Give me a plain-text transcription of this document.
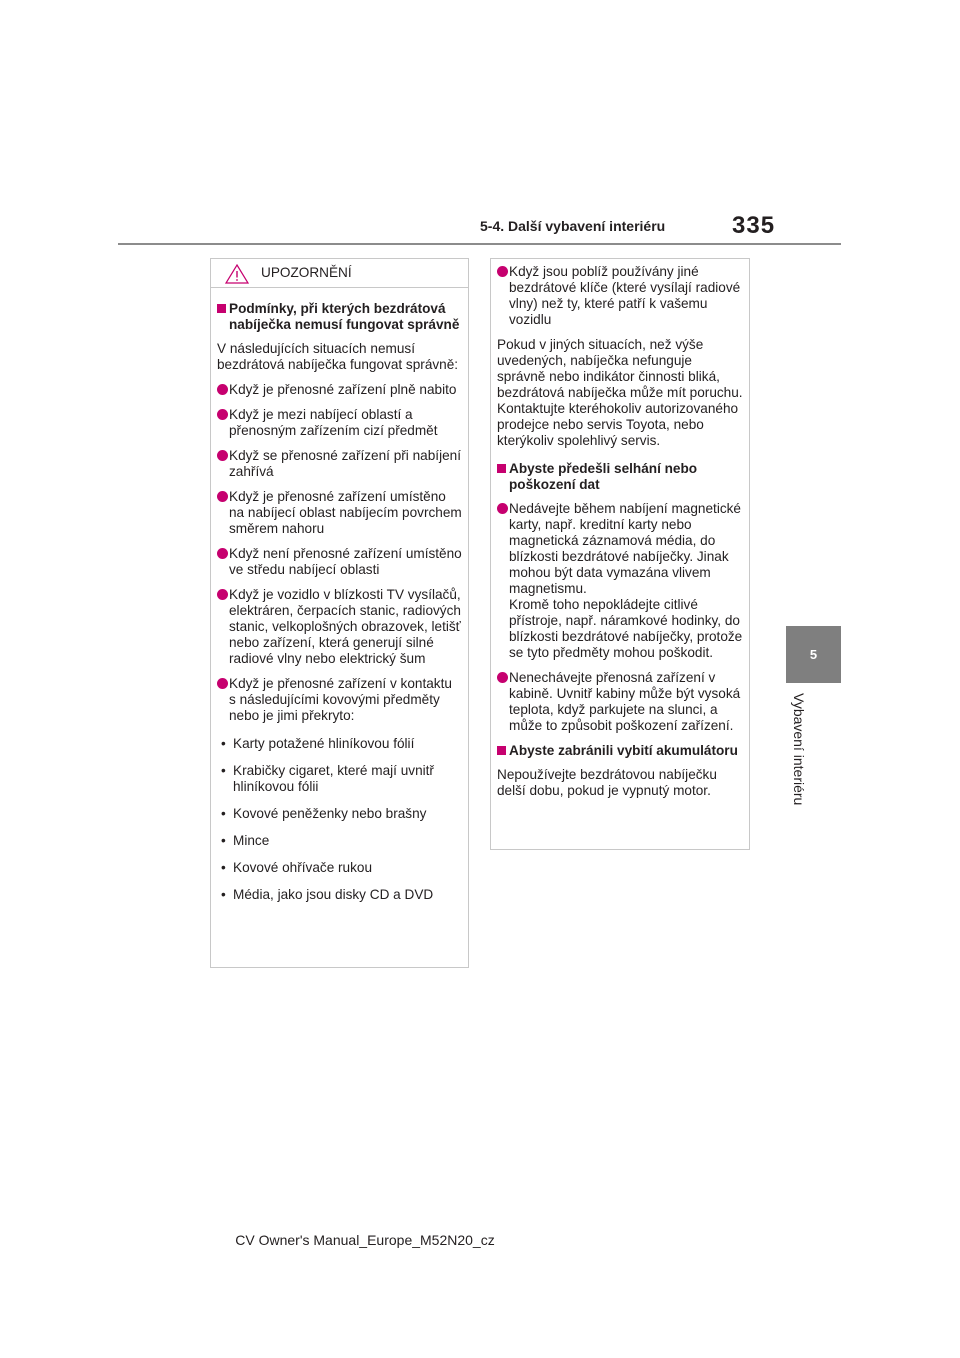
5-4. Další vybavení interiéru	335
5
Vybavení interiéru
UPOZORNĚNÍ
Podmínky, při kterých bezdrátová nabíječka nemusí fungovat správně

V následujících situacích nemusí bezdrátová nabíječka fungovat správně:

Když je přenosné zařízení plně nabito
Když je mezi nabíjecí oblastí a přenosným zařízením cizí předmět
Když se přenosné zařízení při nabíjení zahřívá
Když je přenosné zařízení umístěno na nabíjecí oblast nabíjecím povrchem směrem nahoru
Když není přenosné zařízení umístěno ve středu nabíjecí oblasti
Když je vozidlo v blízkosti TV vysílačů, elektráren, čerpacích stanic, radiových stanic, velkoplošných obrazovek, letišť nebo zařízení, která generují silné radiové vlny nebo elektrický šum
Když je přenosné zařízení v kontaktu s následujícími kovovými předměty nebo je jimi překryto:
• Karty potažené hliníkovou fólií
• Krabičky cigaret, které mají uvnitř hliníkovou fólii
• Kovové peněženky nebo brašny
• Mince
• Kovové ohřívače rukou
• Média, jako jsou disky CD a DVD
Když jsou poblíž používány jiné bezdrátové klíče (které vysílají radiové vlny) než ty, které patří k vašemu vozidlu

Pokud v jiných situacích, než výše uvedených, nabíječka nefunguje správně nebo indikátor činnosti bliká, bezdrátová nabíječka může mít poruchu. Kontaktujte kteréhokoliv autorizovaného prodejce nebo servis Toyota, nebo kterýkoliv spolehlivý servis.

Abyste předešli selhání nebo poškození dat
Nedávejte během nabíjení magnetické karty, např. kreditní karty nebo magnetická záznamová média, do blízkosti bezdrátové nabíječky. Jinak mohou být data vymazána vlivem magnetismu.
Kromě toho nepokládejte citlivé přístroje, např. náramkové hodinky, do blízkosti bezdrátové nabíječky, protože se tyto předměty mohou poškodit.
Nenechávejte přenosná zařízení v kabině. Uvnitř kabiny může být vysoká teplota, když parkujete na slunci, a může to způsobit poškození zařízení.
Abyste zabránili vybití akumulátoru

Nepoužívejte bezdrátovou nabíječku delší dobu, pokud je vypnutý motor.

CV Owner's Manual_Europe_M52N20_cz
